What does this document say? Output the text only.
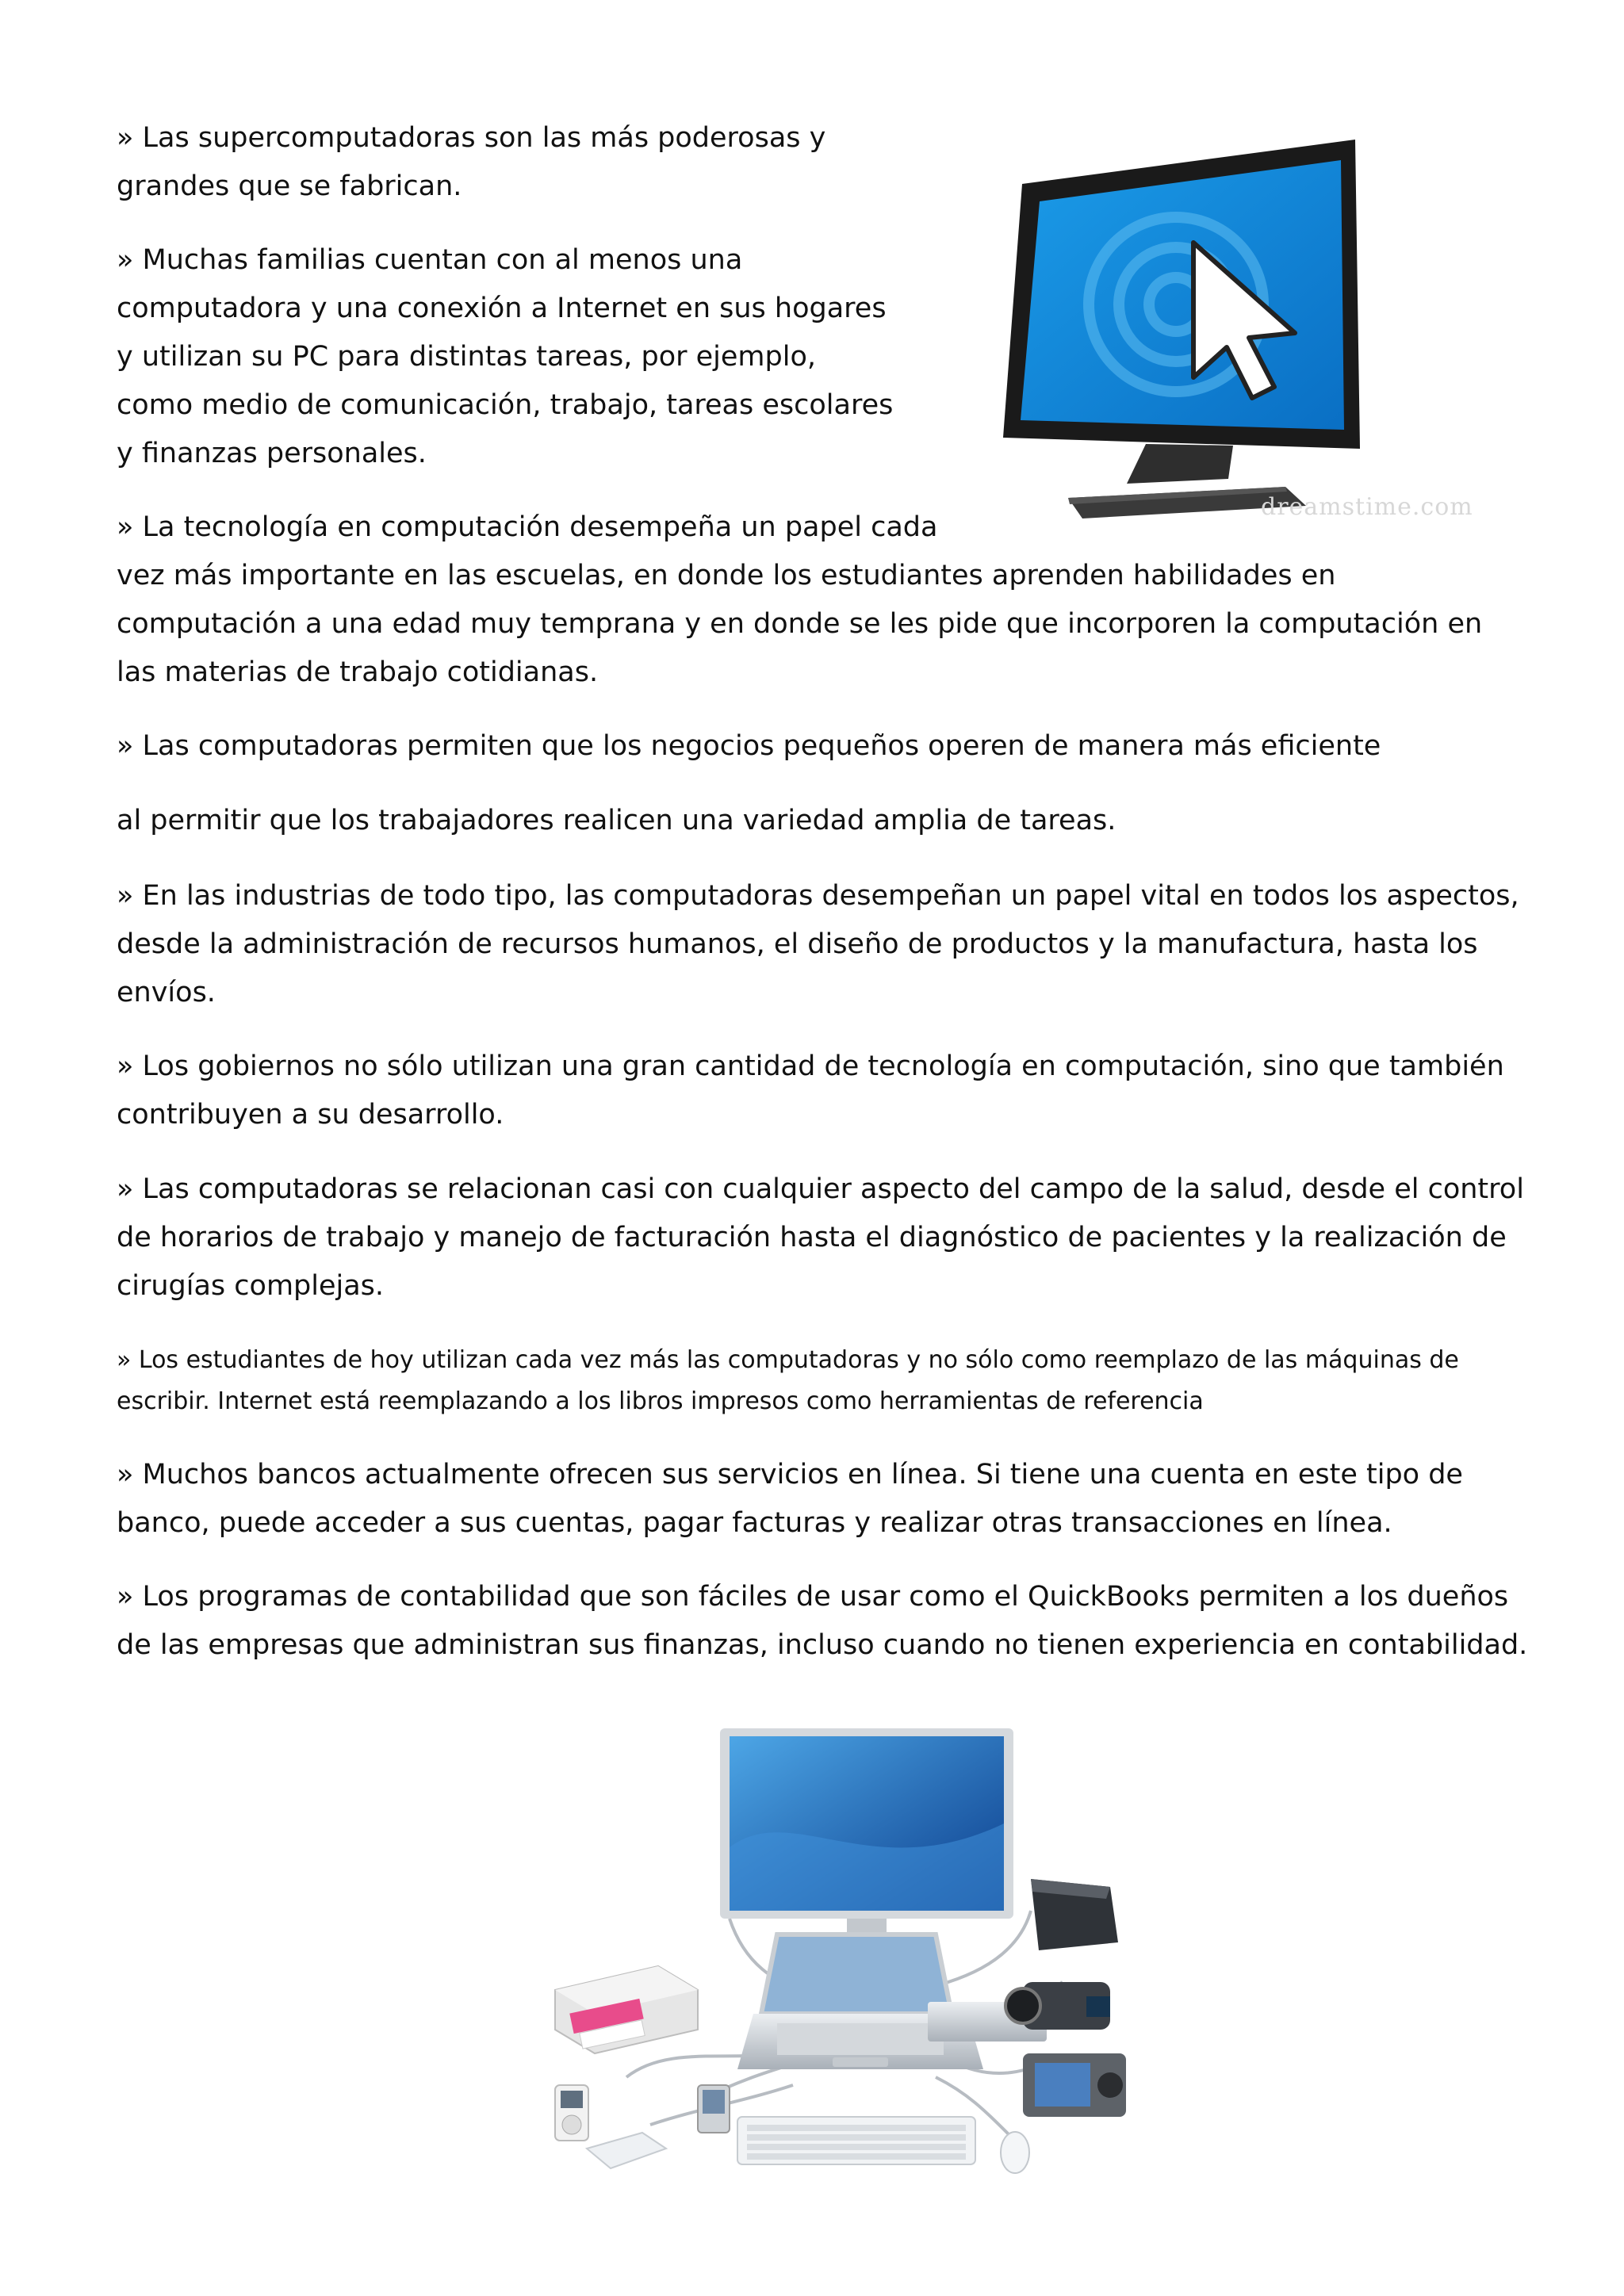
» Las supercomputadoras son las más poderosas y grandes que se fabrican.

» Muchas familias cuentan con al menos una computadora y una conexión a Internet en sus hogares y utilizan su PC para distintas tareas, por ejemplo, como medio de comunicación, trabajo, tareas escolares y finanzas personales.

» La tecnología en computación desempeña un papel cada

vez más importante en las escuelas, en donde los estudiantes aprenden habilidades en computación a una edad muy temprana y en donde se les pide que incorporen la computación en las materias de trabajo cotidianas.

» Las computadoras permiten que los negocios pequeños operen de manera más eficiente

al permitir que los trabajadores realicen una variedad amplia de tareas.

» En las industrias de todo tipo, las computadoras desempeñan un papel vital en todos los aspectos, desde la administración de recursos humanos, el diseño de productos y la manufactura, hasta los envíos.

» Los gobiernos no sólo utilizan una gran cantidad de tecnología en computación, sino que también contribuyen a su desarrollo.

» Las computadoras se relacionan casi con cualquier aspecto del campo de la salud, desde el control de horarios de trabajo y manejo de facturación hasta el diagnóstico de pacientes y la realización de cirugías complejas.

» Los estudiantes de hoy utilizan cada vez más las computadoras y no sólo como reemplazo de las máquinas de escribir. Internet está reemplazando a los libros impresos como herramientas de referencia

» Muchos bancos actualmente ofrecen sus servicios en línea. Si tiene una cuenta en este tipo de banco, puede acceder a sus cuentas, pagar facturas y realizar otras transacciones en línea.

» Los programas de contabilidad que son fáciles de usar como el QuickBooks permiten a los dueños de las empresas que administran sus finanzas, incluso cuando no tienen experiencia en contabilidad.

dreamstime.com
